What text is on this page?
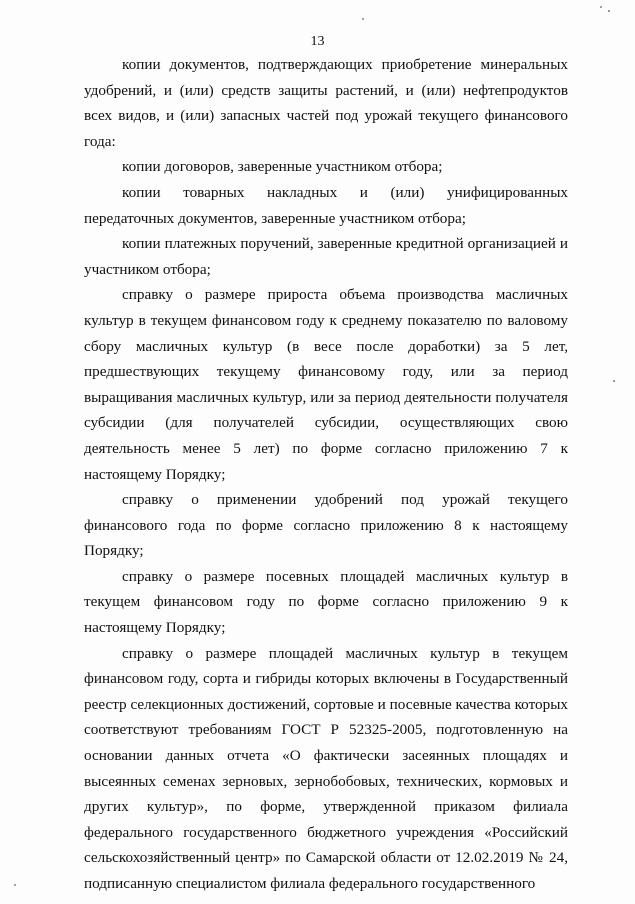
13

копии документов, подтверждающих приобретение минеральных удобрений, и (или) средств защиты растений, и (или) нефтепродуктов всех видов, и (или) запасных частей под урожай текущего финансового года:

копии договоров, заверенные участником отбора;

копии товарных накладных и (или) унифицированных передаточных документов, заверенные участником отбора;

копии платежных поручений, заверенные кредитной организацией и участником отбора;

справку о размере прироста объема производства масличных культур в текущем финансовом году к среднему показателю по валовому сбору масличных культур (в весе после доработки) за 5 лет, предшествующих текущему финансовому году, или за период выращивания масличных культур, или за период деятельности получателя субсидии (для получателей субсидии, осуществляющих свою деятельность менее 5 лет) по форме согласно приложению 7 к настоящему Порядку;

справку о применении удобрений под урожай текущего финансового года по форме согласно приложению 8 к настоящему Порядку;

справку о размере посевных площадей масличных культур в текущем финансовом году по форме согласно приложению 9 к настоящему Порядку;

справку о размере площадей масличных культур в текущем финансовом году, сорта и гибриды которых включены в Государственный реестр селекционных достижений, сортовые и посевные качества которых соответствуют требованиям ГОСТ Р 52325-2005, подготовленную на основании данных отчета «О фактически засеянных площадях и высеянных семенах зерновых, зернобобовых, технических, кормовых и других культур», по форме, утвержденной приказом филиала федерального государственного бюджетного учреждения «Российский сельскохозяйственный центр» по Самарской области от 12.02.2019 № 24, подписанную специалистом филиала федерального государственного
